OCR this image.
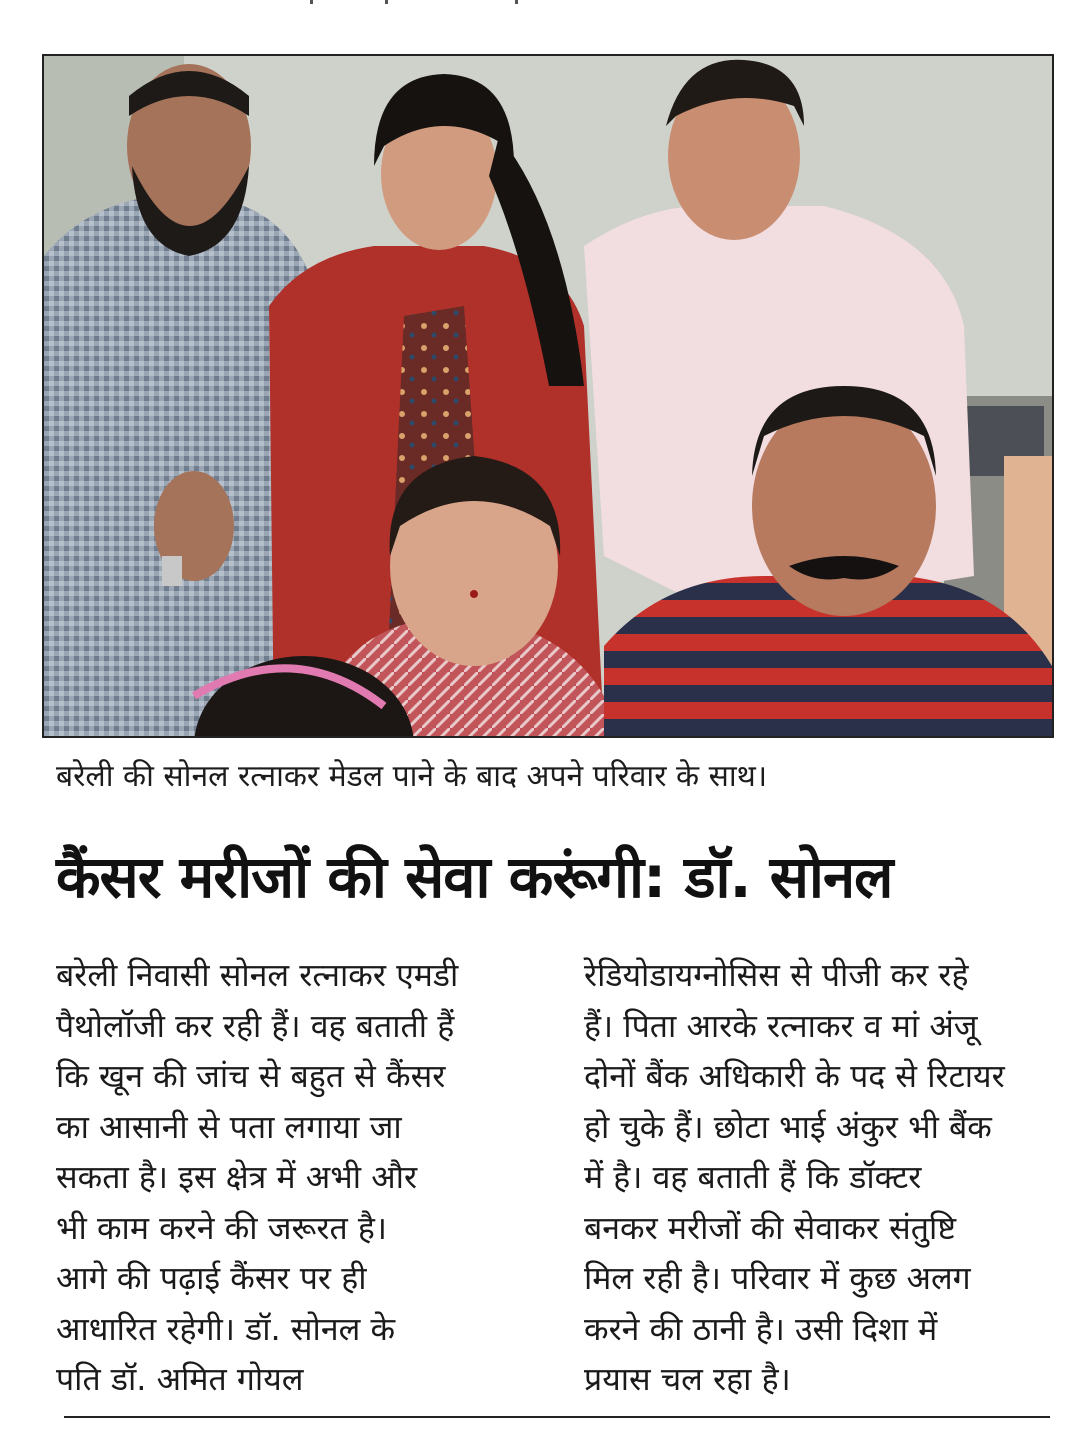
बरेली की सोनल रत्नाकर मेडल पाने के बाद अपने परिवार के साथ।
कैंसर मरीजों की सेवा करूंगी: डॉ. सोनल
बरेली निवासी सोनल रत्नाकर एमडी
पैथोलॉजी कर रही हैं। वह बताती हैं
कि खून की जांच से बहुत से कैंसर
का आसानी से पता लगाया जा
सकता है। इस क्षेत्र में अभी और
भी काम करने की जरूरत है।
आगे की पढ़ाई कैंसर पर ही
आधारित रहेगी। डॉ. सोनल के
पति डॉ. अमित गोयल
रेडियोडायग्नोसिस से पीजी कर रहे
हैं। पिता आरके रत्नाकर व मां अंजू
दोनों बैंक अधिकारी के पद से रिटायर
हो चुके हैं। छोटा भाई अंकुर भी बैंक
में है। वह बताती हैं कि डॉक्टर
बनकर मरीजों की सेवाकर संतुष्टि
मिल रही है। परिवार में कुछ अलग
करने की ठानी है। उसी दिशा में
प्रयास चल रहा है।
